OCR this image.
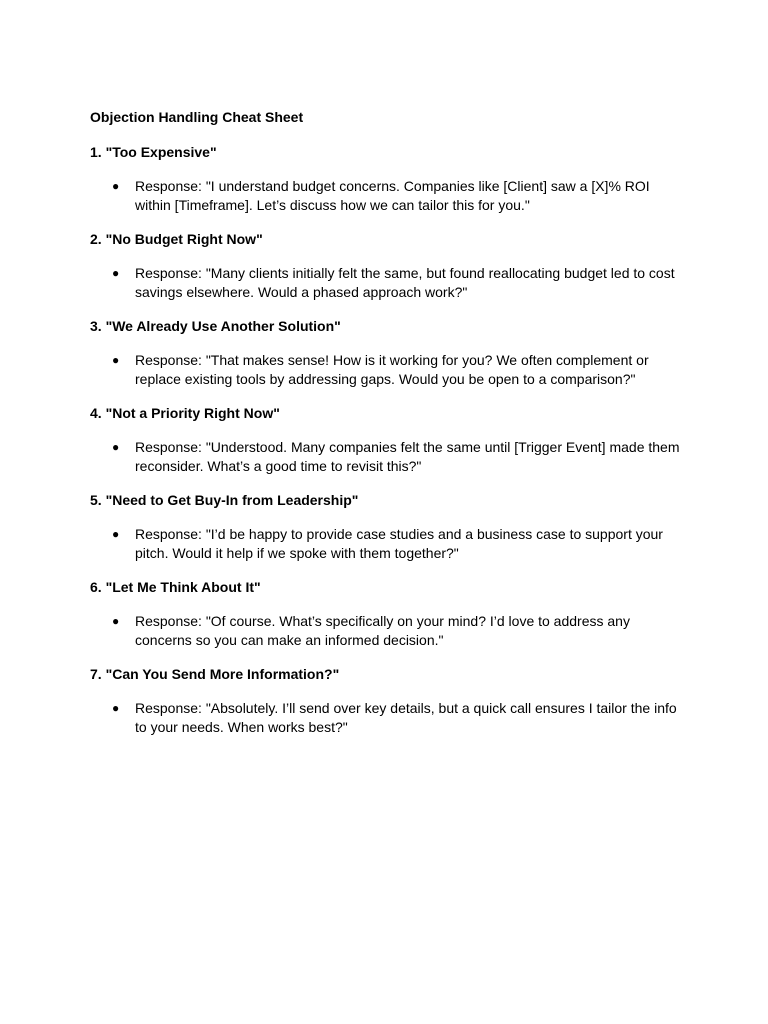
Objection Handling Cheat Sheet
1. "Too Expensive"
● Response: "I understand budget concerns. Companies like [Client] saw a [X]% ROI
within [Timeframe]. Let’s discuss how we can tailor this for you."
2. "No Budget Right Now"
● Response: "Many clients initially felt the same, but found reallocating budget led to cost
savings elsewhere. Would a phased approach work?"
3. "We Already Use Another Solution"
● Response: "That makes sense! How is it working for you? We often complement or
replace existing tools by addressing gaps. Would you be open to a comparison?"
4. "Not a Priority Right Now"
● Response: "Understood. Many companies felt the same until [Trigger Event] made them
reconsider. What’s a good time to revisit this?"
5. "Need to Get Buy-In from Leadership"
● Response: "I’d be happy to provide case studies and a business case to support your
pitch. Would it help if we spoke with them together?"
6. "Let Me Think About It"
● Response: "Of course. What’s specifically on your mind? I’d love to address any
concerns so you can make an informed decision."
7. "Can You Send More Information?"
● Response: "Absolutely. I’ll send over key details, but a quick call ensures I tailor the info
to your needs. When works best?"
